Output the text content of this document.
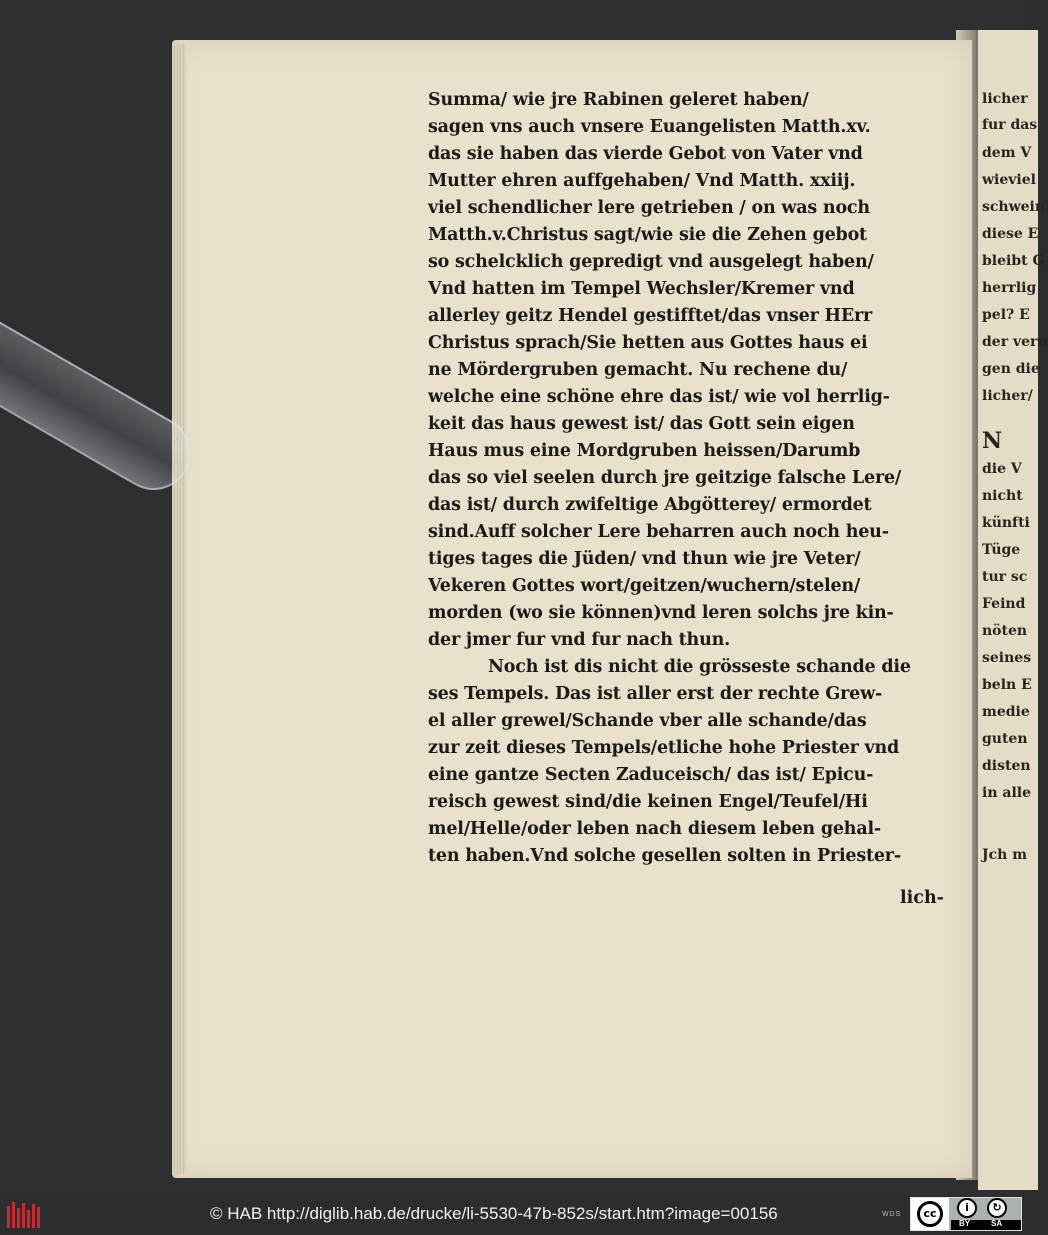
licher
fur das
dem V
wieviel
schwein
diese E
bleibt G
herrlig
pel? E
der vern
gen die
licher/
N
die V
nicht
künfti
Tüge
tur sc
Feind
nöten
seines
beln E
medie
guten
disten
in alle
Jch m
Summa/ wie jre Rabinen geleret haben/
sagen vns auch vnsere Euangelisten Matth.xv.
das sie haben das vierde Gebot von Vater vnd
Mutter ehren auffgehaben/ Vnd Matth. xxiij.
viel schendlicher lere getrieben / on was noch
Matth.v.Christus sagt/wie sie die Zehen gebot
so schelcklich gepredigt vnd ausgelegt haben/
Vnd hatten im Tempel Wechsler/Kremer vnd
allerley geitz Hendel gestifftet/das vnser HErr
Christus sprach/Sie hetten aus Gottes haus ei
ne Mördergruben gemacht. Nu rechene du/
welche eine schöne ehre das ist/ wie vol herrlig-
keit das haus gewest ist/ das Gott sein eigen
Haus mus eine Mordgruben heissen/Darumb
das so viel seelen durch jre geitzige falsche Lere/
das ist/ durch zwifeltige Abgötterey/ ermordet
sind.Auff solcher Lere beharren auch noch heu-
tiges tages die Jüden/ vnd thun wie jre Veter/
Vekeren Gottes wort/geitzen/wuchern/stelen/
morden (wo sie können)vnd leren solchs jre kin-
der jmer fur vnd fur nach thun.
Noch ist dis nicht die grösseste schande die
ses Tempels. Das ist aller erst der rechte Grew-
el aller grewel/Schande vber alle schande/das
zur zeit dieses Tempels/etliche hohe Priester vnd
eine gantze Secten Zaduceisch/ das ist/ Epicu-
reisch gewest sind/die keinen Engel/Teufel/Hi
mel/Helle/oder leben nach diesem leben gehal-
ten haben.Vnd solche gesellen solten in Priester-
lich-
© HAB http://diglib.hab.de/drucke/li-5530-47b-852s/start.htm?image=00156	WDS	cc	i	↻
BY	SA
